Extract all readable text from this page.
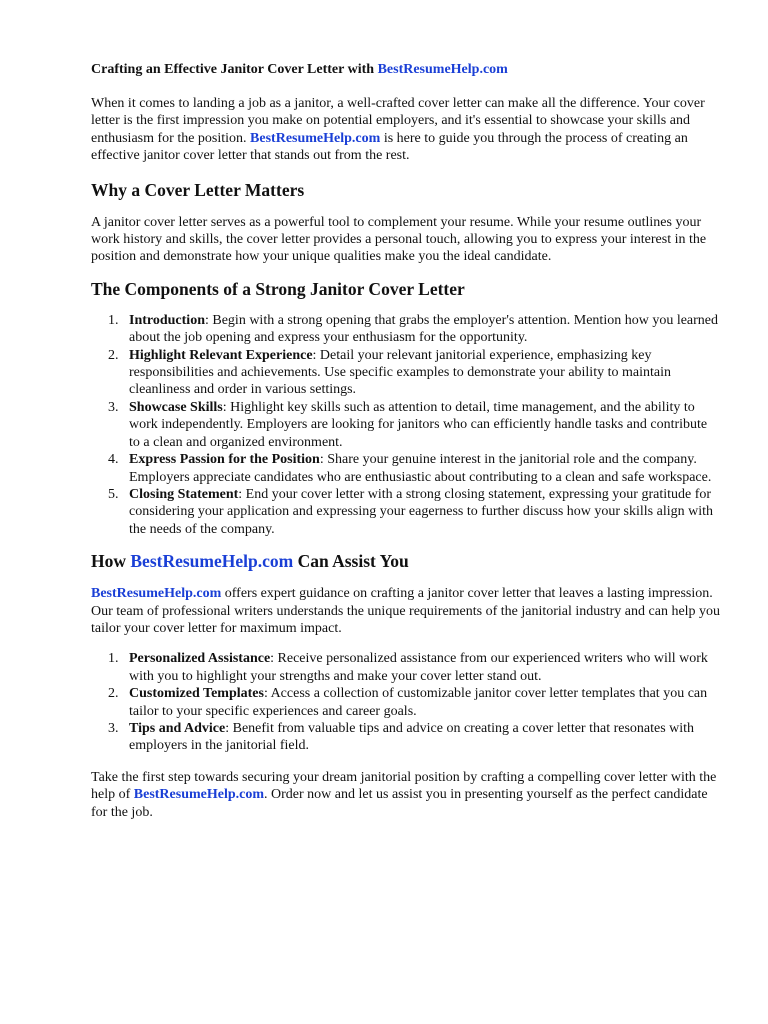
Crafting an Effective Janitor Cover Letter with BestResumeHelp.com

When it comes to landing a job as a janitor, a well-crafted cover letter can make all the difference. Your cover letter is the first impression you make on potential employers, and it's essential to showcase your skills and enthusiasm for the position. BestResumeHelp.com is here to guide you through the process of creating an effective janitor cover letter that stands out from the rest.

Why a Cover Letter Matters

A janitor cover letter serves as a powerful tool to complement your resume. While your resume outlines your work history and skills, the cover letter provides a personal touch, allowing you to express your interest in the position and demonstrate how your unique qualities make you the ideal candidate.

The Components of a Strong Janitor Cover Letter
1. Introduction: Begin with a strong opening that grabs the employer's attention. Mention how you learned about the job opening and express your enthusiasm for the opportunity.
2. Highlight Relevant Experience: Detail your relevant janitorial experience, emphasizing key responsibilities and achievements. Use specific examples to demonstrate your ability to maintain cleanliness and order in various settings.
3. Showcase Skills: Highlight key skills such as attention to detail, time management, and the ability to work independently. Employers are looking for janitors who can efficiently handle tasks and contribute to a clean and organized environment.
4. Express Passion for the Position: Share your genuine interest in the janitorial role and the company. Employers appreciate candidates who are enthusiastic about contributing to a clean and safe workspace.
5. Closing Statement: End your cover letter with a strong closing statement, expressing your gratitude for considering your application and expressing your eagerness to further discuss how your skills align with the needs of the company.
How BestResumeHelp.com Can Assist You

BestResumeHelp.com offers expert guidance on crafting a janitor cover letter that leaves a lasting impression. Our team of professional writers understands the unique requirements of the janitorial industry and can help you tailor your cover letter for maximum impact.

1. Personalized Assistance: Receive personalized assistance from our experienced writers who will work with you to highlight your strengths and make your cover letter stand out.
2. Customized Templates: Access a collection of customizable janitor cover letter templates that you can tailor to your specific experiences and career goals.
3. Tips and Advice: Benefit from valuable tips and advice on creating a cover letter that resonates with employers in the janitorial field.

Take the first step towards securing your dream janitorial position by crafting a compelling cover letter with the help of BestResumeHelp.com. Order now and let us assist you in presenting yourself as the perfect candidate for the job.
